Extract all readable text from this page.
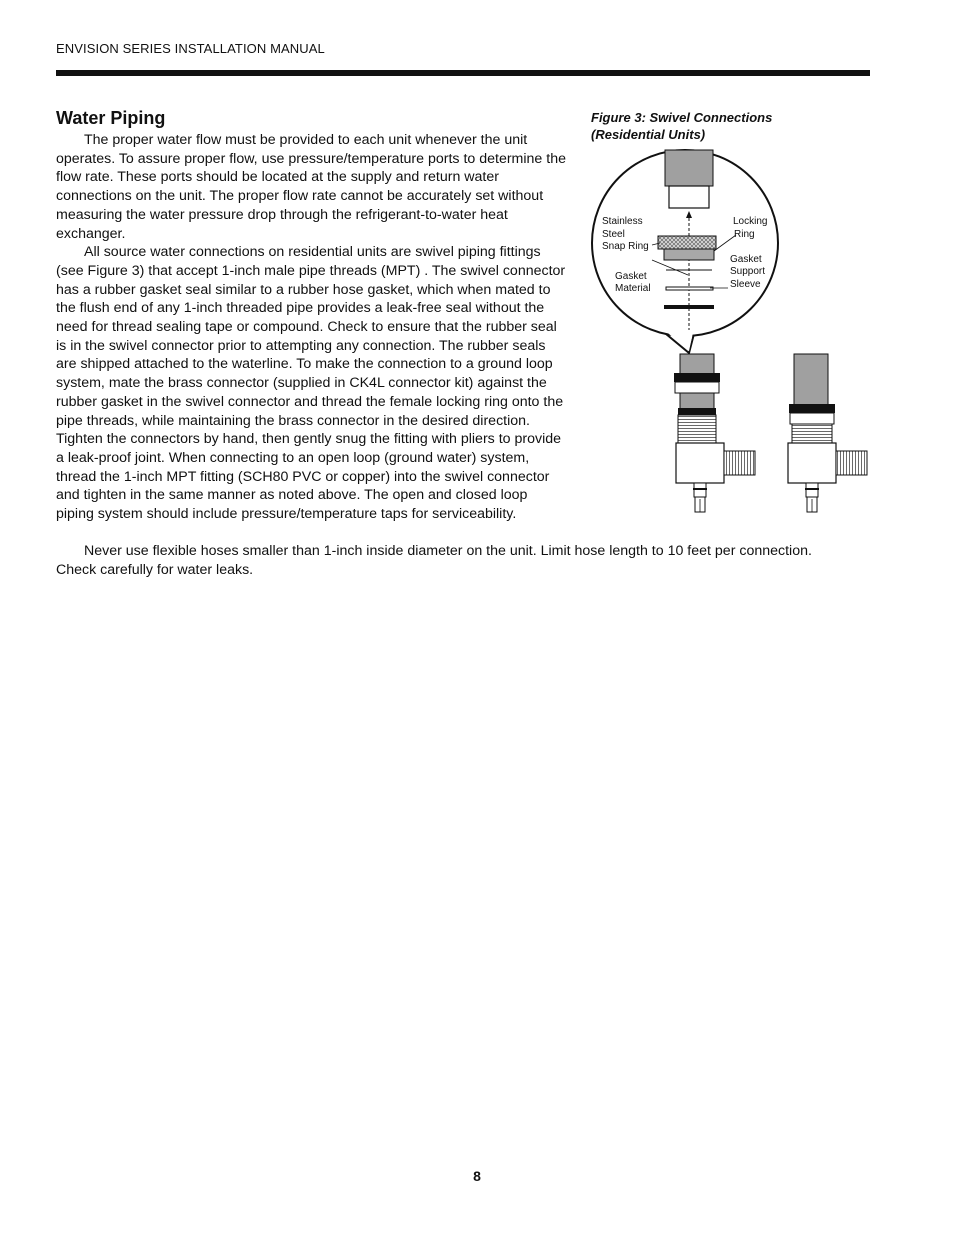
ENVISION SERIES INSTALLATION MANUAL
Water Piping

The proper water flow must be provided to each unit whenever the unit operates. To assure proper flow, use pressure/temperature ports to determine the flow rate. These ports should be located at the supply and return water connections on the unit. The proper flow rate cannot be accurately set without measuring the water pressure drop through the refrigerant-to-water heat exchanger.

All source water connections on residential units are swivel piping fittings (see Figure 3) that accept 1-inch male pipe threads (MPT) . The swivel connector has a rubber gasket seal similar to a rubber hose gasket, which when mated to the flush end of any 1-inch threaded pipe provides a leak-free seal without the need for thread sealing tape or compound. Check to ensure that the rubber seal is in the swivel connector prior to attempting any connection. The rubber seals are shipped attached to the waterline. To make the connection to a ground loop system, mate the brass connector (supplied in CK4L connector kit) against the rubber gasket in the swivel connector and thread the female locking ring onto the pipe threads, while maintaining the brass connector in the desired direction. Tighten the connectors by hand, then gently snug the fitting with pliers to provide a leak-proof joint. When connecting to an open loop (ground water) system, thread the 1-inch MPT fitting (SCH80 PVC or copper) into the swivel connector and tighten in the same manner as noted above. The open and closed loop piping system should include pressure/temperature taps for serviceability.

Never use flexible hoses smaller than 1-inch inside diameter on the unit. Limit hose length to 10 feet per connection. Check carefully for water leaks.

Figure 3: Swivel Connections
(Residential Units)
Stainless
Steel
Snap Ring
Locking
Ring
Gasket
Support
Sleeve
Gasket
Material
8
